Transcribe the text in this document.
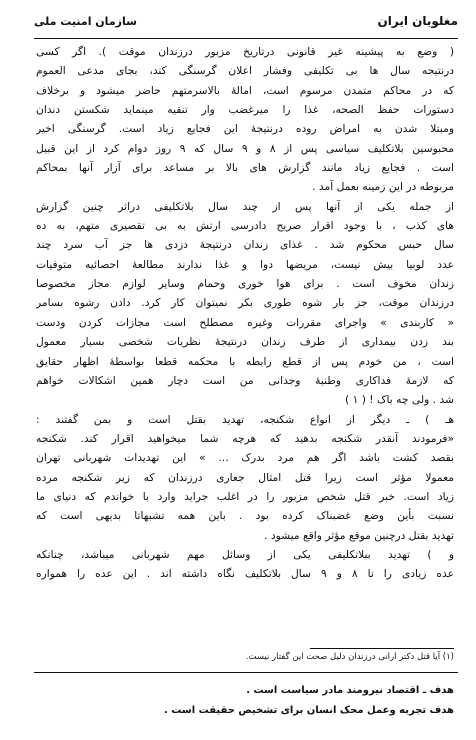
مغلوبان ايران
سازمان امنیت ملی
( وضع به پیشینه غیر قانونی درتاریخ مزبور درزندان موقت ). اگر کسی
درنتیجه سال ها بی تکلیفی وفشار اعلان گرسنگی کند، بجای مدعی العموم
که در محاکم متمدن مرسوم است، امالهٔ بالاسرمتهم حاضر میشود و برخلاف
دستورات حفظ الصحه، غذا را میرغضب وار تنقیه مینماید شکستن دندان
ومبتلا شدن به امراض روده درنتیجهٔ این فجایع زیاد است. گرسنگی اخیر
محبوسین بلاتکلیف سیاسی پس از ۸ و ۹ سال که ۹ روز دوام کرد از این قبیل
است . فجایع زیاد مانند گزارش های بالا بر مساعد برای آزار آنها بمحاکم
مربوطه در این زمینه بعمل آمد .
از جمله یکی از آنها پس از چند سال بلاتکلیفی دراثر چنین گزارش
های کذب ، با وجود اقرار صریح دادرسی ارتش به بی تقصیری متهم، به ده
سال حبس محکوم شد . غذای زندان درنتیجهٔ دزدی ها جز آب سرد چند
عدد لوبیا بیش نیست، مریضها دوا و غذا ندارند مطالعهٔ احصائیه متوفیات
زندان مخوف است . برای هوا خوری وحمام وسایر لوازم مجاز مخصوصا
درزندان موقت، جز بار شوه طوری بکر نمیتوان کار کرد. دادن رشوه بسامر
« کاربندی » واجرای مقررات وغیره مصطلح است مجازات کردن ودست
بند زدن بیمداری از طرف زندان درنتیجهٔ نظریات شخصی بسیار معمول
است ، من خودم پس از قطع رابطه با محکمه قطعا بواسطهٔ اظهار حقایق
که لازمهٔ فداکاری وطنیهٔ وجدانی من است دچار همین اشکالات خواهم
شد . ولی چه باک ! ( ۱ )
هـ ) ـ دیگر از انواع شکنجه، تهدید بقتل است و بمن گفتند :
«فرمودند آنقدر شکنجه بدهید که هرچه شما میخواهید اقرار کند. شکنجه
بقصد کشت باشد اگر هم مرد بدرک ... » این تهدیدات شهربانی تهران
معمولا مؤثر است زیرا قتل امثال جعاری درزندان که زیر شکنجه مرده
زیاد است. خبر قتل شخص مزبور را در اغلب جراید وارد با خواندم که دنیای ما
نسبت بأین وضع غضبناک کرده بود . باین همه تشبهاتا بدیهی است که
تهدید بقتل درچنین موقع مؤثر واقع میشود .
و ) تهدید ببلاتکلیفی یکی از وسائل مهم شهربانی میباشد، چنانکه
عده زیادی را تا ۸ و ۹ سال بلاتکلیف نگاه داشته اند . این عده را همواره
(۱) آیا قتل دکتر ارانی درزندان دلیل صحت این گفتار نیست.
هدف ـ اقتصاد نیرومند مادر سیاست است .
هدف تجربه وعمل محک انسان برای تشخیص حقیقت است .
